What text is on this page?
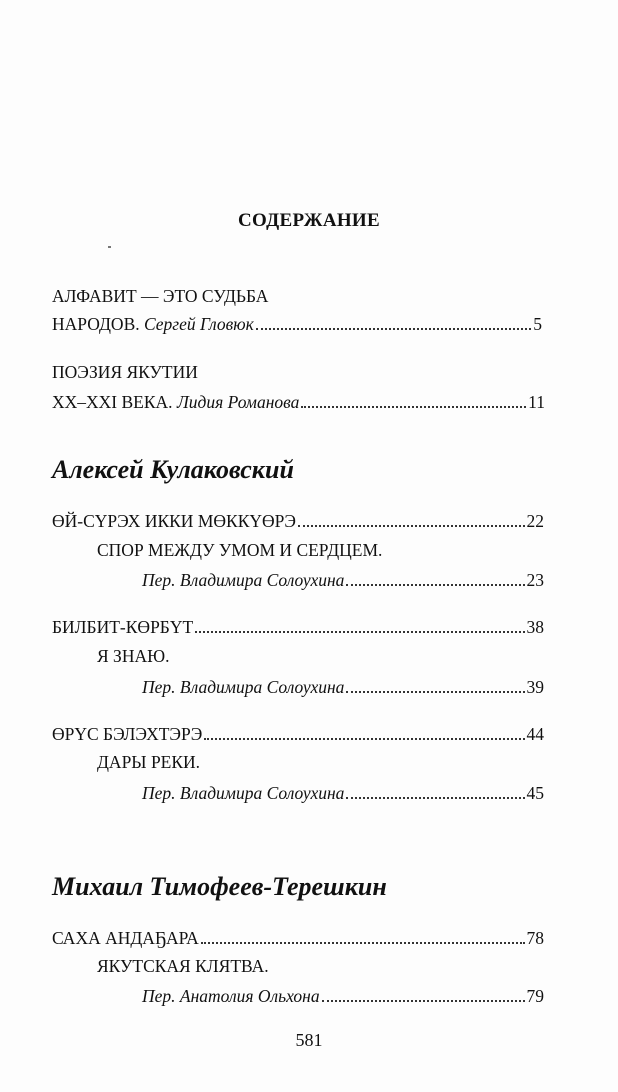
СОДЕРЖАНИЕ
АЛФАВИТ — ЭТО СУДЬБА
НАРОДОВ.
Сергей Гловюк	5
ПОЭЗИЯ ЯКУТИИ
XX–XXI ВЕКА.
Лидия Романова	11
Алексей Кулаковский
ӨЙ-СҮРЭХ ИККИ МӨККҮӨРЭ	22
СПОР МЕЖДУ УМОМ И СЕРДЦЕМ.
Пер. Владимира Солоухина	23
БИЛБИТ-КӨРБҮТ	38
Я ЗНАЮ.
Пер. Владимира Солоухина	39
ӨРҮС БЭЛЭХТЭРЭ	44
ДАРЫ РЕКИ.
Пер. Владимира Солоухина	45
Михаил Тимофеев-Терешкин
САХА АНДАҔАРА	78
ЯКУТСКАЯ КЛЯТВА.
Пер. Анатолия Ольхона	79
581
